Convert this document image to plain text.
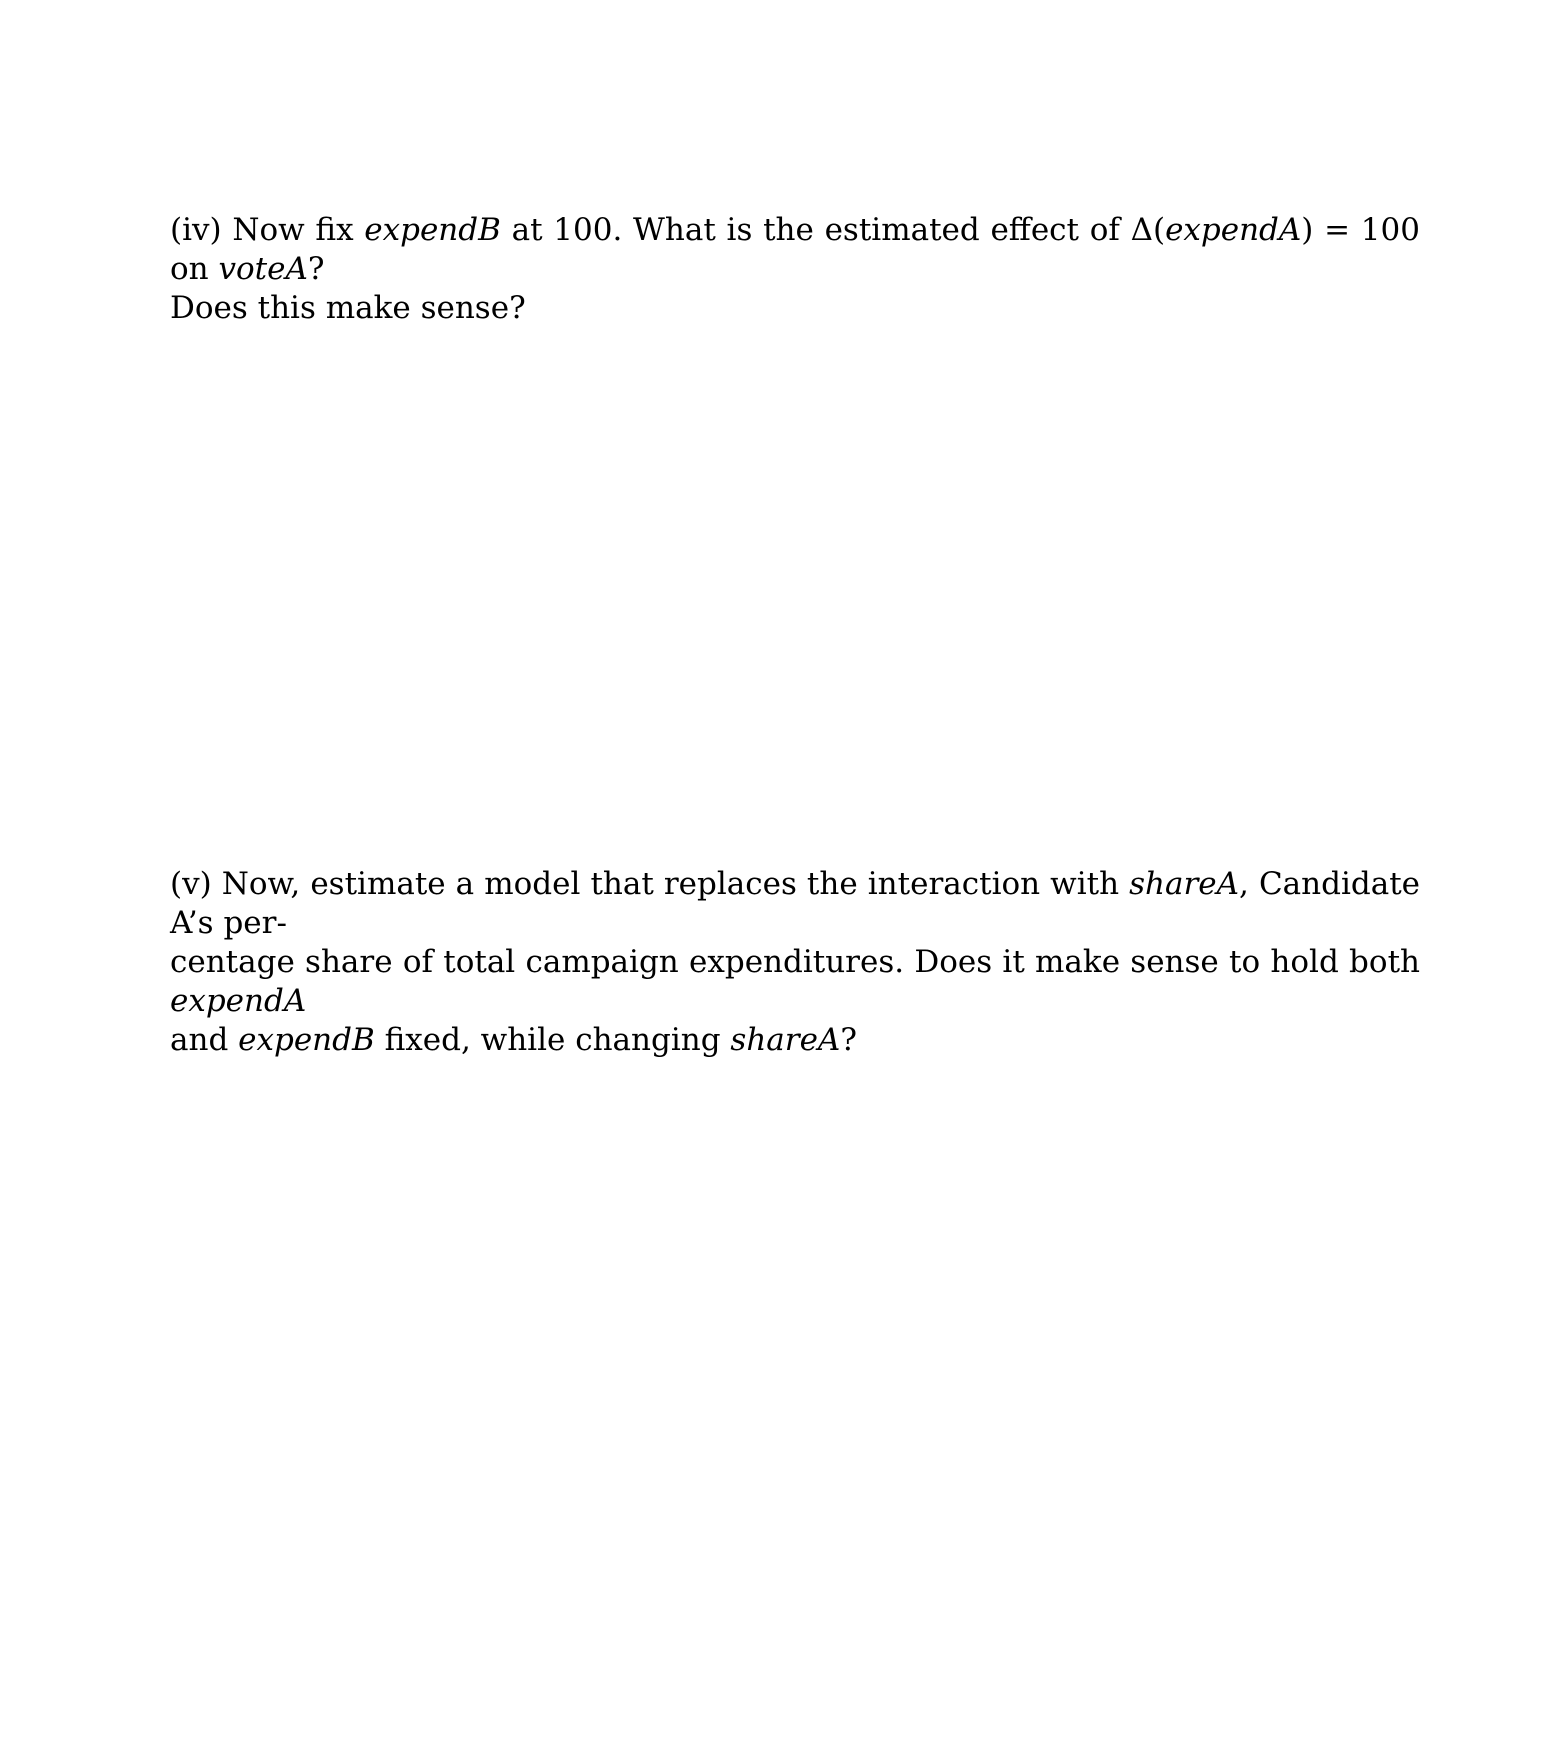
(iv) Now fix expendB at 100. What is the estimated effect of Δ(expendA) = 100 on voteA?
Does this make sense?
(v) Now, estimate a model that replaces the interaction with shareA, Candidate A’s per-
centage share of total campaign expenditures. Does it make sense to hold both expendA
and expendB fixed, while changing shareA?
